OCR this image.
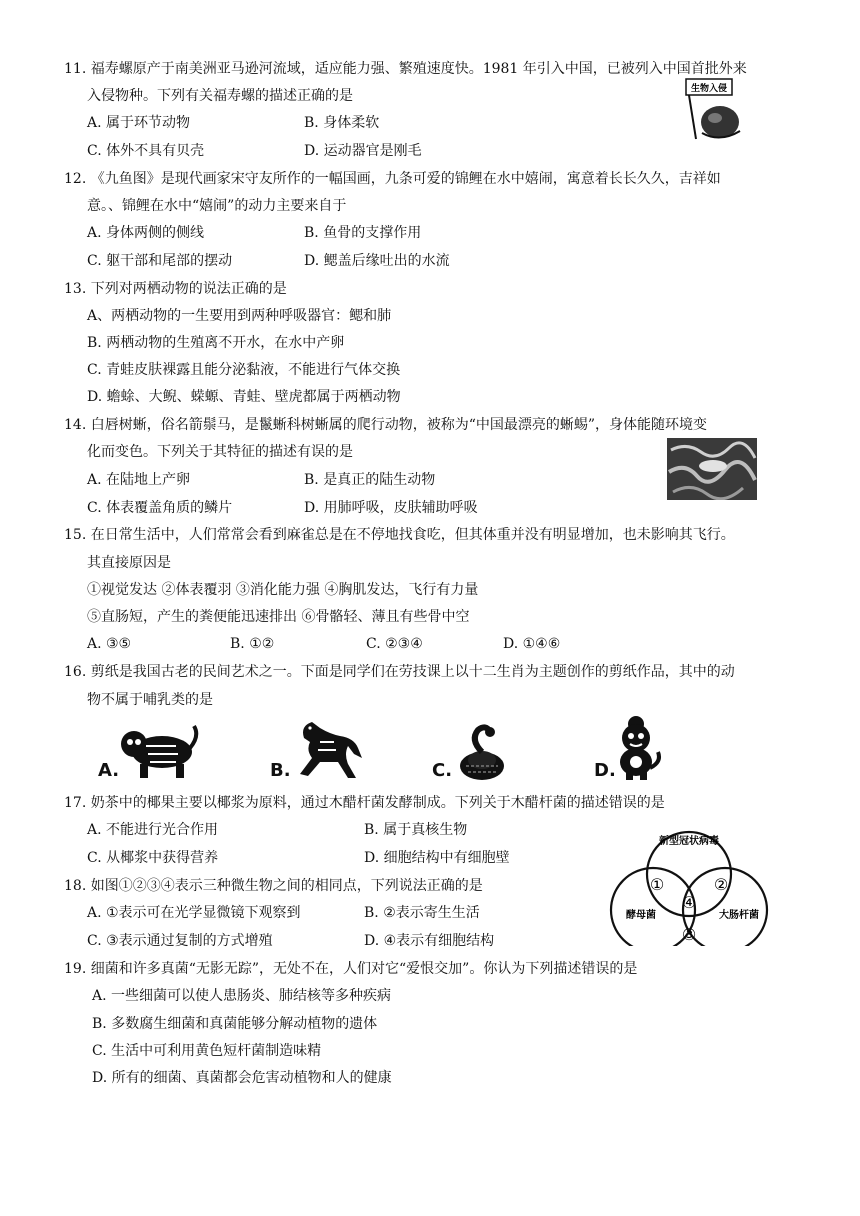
11. 福寿螺原产于南美洲亚马逊河流域，适应能力强、繁殖速度快。1981 年引入中国，已被列入中国首批外来
入侵物种。下列有关福寿螺的描述正确的是
A. 属于环节动物	B. 身体柔软
C. 体外不具有贝壳	D. 运动器官是刚毛
生物入侵
12. 《九鱼图》是现代画家宋守友所作的一幅国画，九条可爱的锦鲤在水中嬉闹，寓意着长长久久，吉祥如
意。、锦鲤在水中“嬉闹”的动力主要来自于
A. 身体两侧的侧线	B. 鱼骨的支撑作用
C. 躯干部和尾部的摆动	D. 鳃盖后缘吐出的水流
13. 下列对两栖动物的说法正确的是
A、两栖动物的一生要用到两种呼吸器官：鳃和肺
B. 两栖动物的生殖离不开水，在水中产卵
C. 青蛙皮肤裸露且能分泌黏液，不能进行气体交换
D. 蟾蜍、大鲵、蝾螈、青蛙、壁虎都属于两栖动物
14. 白唇树蜥，俗名箭鬃马，是鬣蜥科树蜥属的爬行动物，被称为“中国最漂亮的蜥蜴”，身体能随环境变
化而变色。下列关于其特征的描述有误的是
A. 在陆地上产卵	B. 是真正的陆生动物
C. 体表覆盖角质的鳞片	D. 用肺呼吸，皮肤辅助呼吸
15. 在日常生活中，人们常常会看到麻雀总是在不停地找食吃，但其体重并没有明显增加，也未影响其飞行。
其直接原因是
①视觉发达 ②体表覆羽 ③消化能力强 ④胸肌发达，飞行有力量
⑤直肠短，产生的粪便能迅速排出 ⑥骨骼轻、薄且有些骨中空
A. ③⑤	B. ①②	C. ②③④	D. ①④⑥
16. 剪纸是我国古老的民间艺术之一。下面是同学们在劳技课上以十二生肖为主题创作的剪纸作品，其中的动
物不属于哺乳类的是
A.	B.	C.	D.
17. 奶茶中的椰果主要以椰浆为原料，通过木醋杆菌发酵制成。下列关于木醋杆菌的描述错误的是
A. 不能进行光合作用	B. 属于真核生物
C. 从椰浆中获得营养	D. 细胞结构中有细胞壁
18. 如图①②③④表示三种微生物之间的相同点，下列说法正确的是
A. ①表示可在光学显微镜下观察到	B. ②表示寄生生活
C. ③表示通过复制的方式增殖	D. ④表示有细胞结构
新型冠状病毒
酵母菌	大肠杆菌
①	②
③
④
19. 细菌和许多真菌“无影无踪”，无处不在，人们对它“爱恨交加”。你认为下列描述错误的是
A. 一些细菌可以使人患肠炎、肺结核等多种疾病
B. 多数腐生细菌和真菌能够分解动植物的遗体
C. 生活中可利用黄色短杆菌制造味精
D. 所有的细菌、真菌都会危害动植物和人的健康
